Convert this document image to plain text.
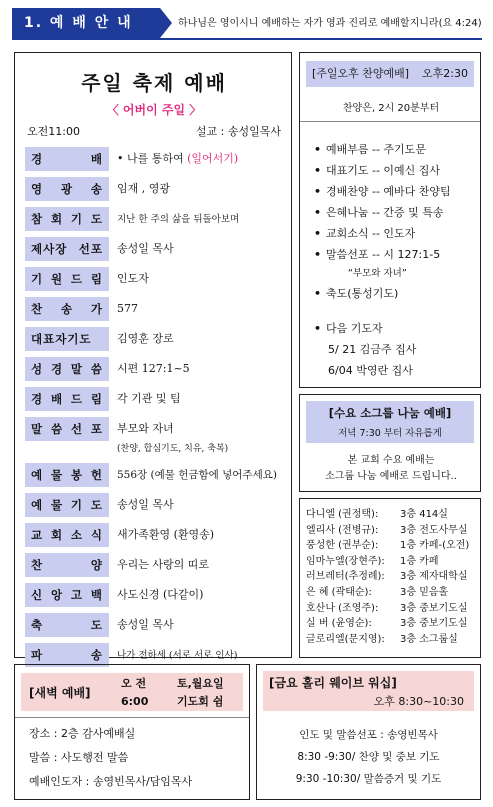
1. 예 배 안 내	하나님은 영이시니 예배하는 자가 영과 진리로 예배할지니라(요 4:24)
주일 축제 예배
〈 어버이 주일 〉
오전11:00	설교 : 송성일목사
경 배	• 나를 통하여 (일어서기)
영 광 송	임재 , 영광
참 회 기 도	지난 한 주의 삶을 뒤돌아보며
제사장 선포	송성일 목사
기 원 드 림	인도자
찬 송 가	577
대표자기도	김영훈 장로
성 경 말 씀	시편 127:1~5
경 배 드 림	각 기관 및 팀
말 씀 선 포	부모와 자녀
(찬양, 합심기도, 치유, 축복)
예 물 봉 헌	556장 (예물 헌금함에 넣어주세요)
예 물 기 도	송성일 목사
교 회 소 식	새가족환영 (환영송)
찬 양	우리는 사랑의 띠로
신 앙 고 백	사도신경 (다같이)
축 도	송성일 목사
파 송	나가 전하세 (서로 서로 인사)
[주일오후 찬양예배] 오후2:30
찬양은, 2시 20분부터
• 예배부름 -- 주기도문
• 대표기도 -- 이예신 집사
• 경배찬양 -- 예바다 찬양팀
• 은혜나눔 -- 간증 및 특송
• 교회소식 -- 인도자
• 말씀선포 -- 시 127:1-5
“부모와 자녀”
• 축도(통성기도)
• 다음 기도자
5/ 21 김금주 집사
6/04 박영란 집사
[수요 소그룹 나눔 예배]
저녁 7:30 부터 자유롭게
본 교회 수요 예배는
소그룹 나눔 예배로 드립니다..
다니엘 (권정택): 3층 414실
엘리사 (전병규): 3층 전도사무실
풍성한 (권부순): 1층 카페-(오전)
임마누엘(장현주): 1층 카페
러브레터(추정례): 3층 제자대학실
은 혜 (곽태순):	3층 믿음홀
호산나 (조영주): 3층 중보기도실
실 버 (윤영순):	3층 중보기도실
글로리엘(문지영): 3층 소그룹실
[새벽 예배]
오 전	토,월요일
6:00	기도회 쉼
장소 : 2층 감사예배실
말씀 : 사도행전 말씀
예배인도자 : 송영빈목사/담임목사
[금요 홀리 웨이브 워십]
오후 8:30~10:30
인도 및 말씀선포 : 송영빈목사
8:30 -9:30/ 찬양 및 중보 기도
9:30 -10:30/ 말씀증거 및 기도
